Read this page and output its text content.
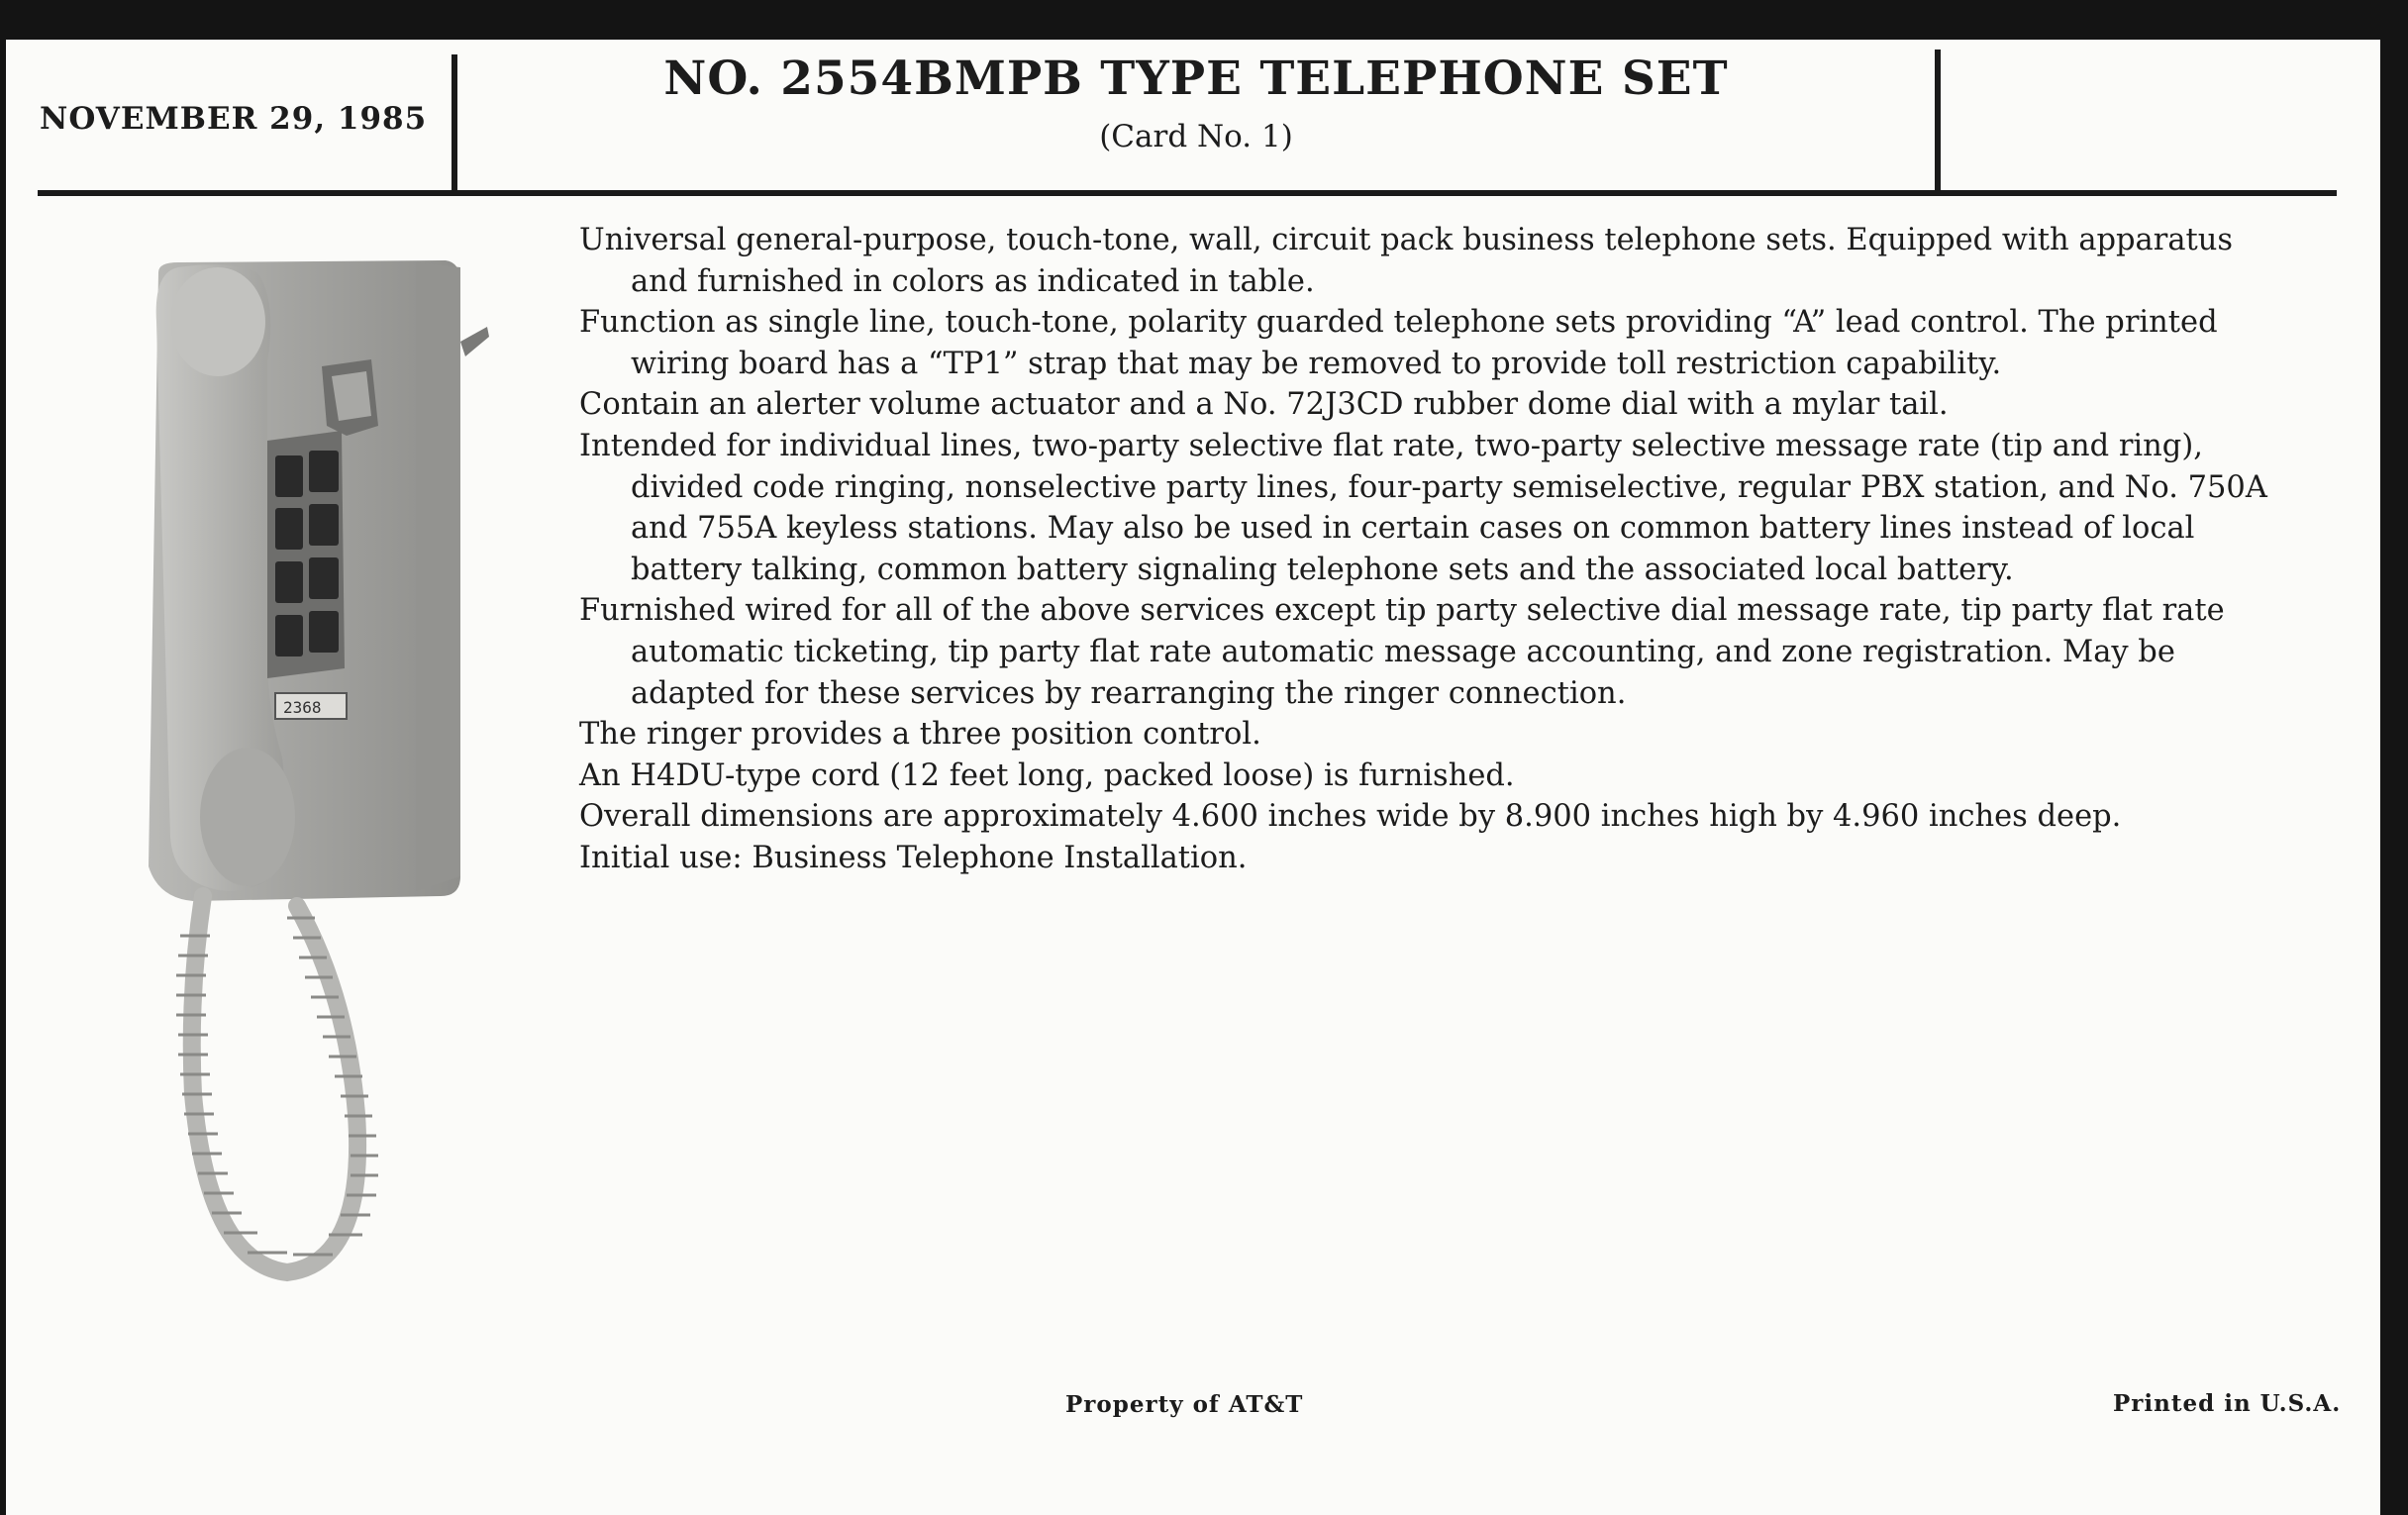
NOVEMBER 29, 1985
NO. 2554BMPB TYPE TELEPHONE SET
(Card No. 1)
2368

Universal general-purpose, touch-tone, wall, circuit pack business telephone sets. Equipped with apparatus and furnished in colors as indicated in table.

Function as single line, touch-tone, polarity guarded telephone sets providing “A” lead control. The printed wiring board has a “TP1” strap that may be removed to provide toll restriction capability.

Contain an alerter volume actuator and a No. 72J3CD rubber dome dial with a mylar tail.

Intended for individual lines, two-party selective flat rate, two-party selective message rate (tip and ring), divided code ringing, nonselective party lines, four-party semiselective, regular PBX station, and No. 750A and 755A keyless stations. May also be used in certain cases on common battery lines instead of local battery talking, common battery signaling telephone sets and the associated local battery.

Furnished wired for all of the above services except tip party selective dial message rate, tip party flat rate automatic ticketing, tip party flat rate automatic message accounting, and zone registration. May be adapted for these services by rearranging the ringer connection.

The ringer provides a three position control.

An H4DU-type cord (12 feet long, packed loose) is furnished.

Overall dimensions are approximately 4.600 inches wide by 8.900 inches high by 4.960 inches deep.

Initial use: Business Telephone Installation.

Property of AT&T	Printed in U.S.A.
